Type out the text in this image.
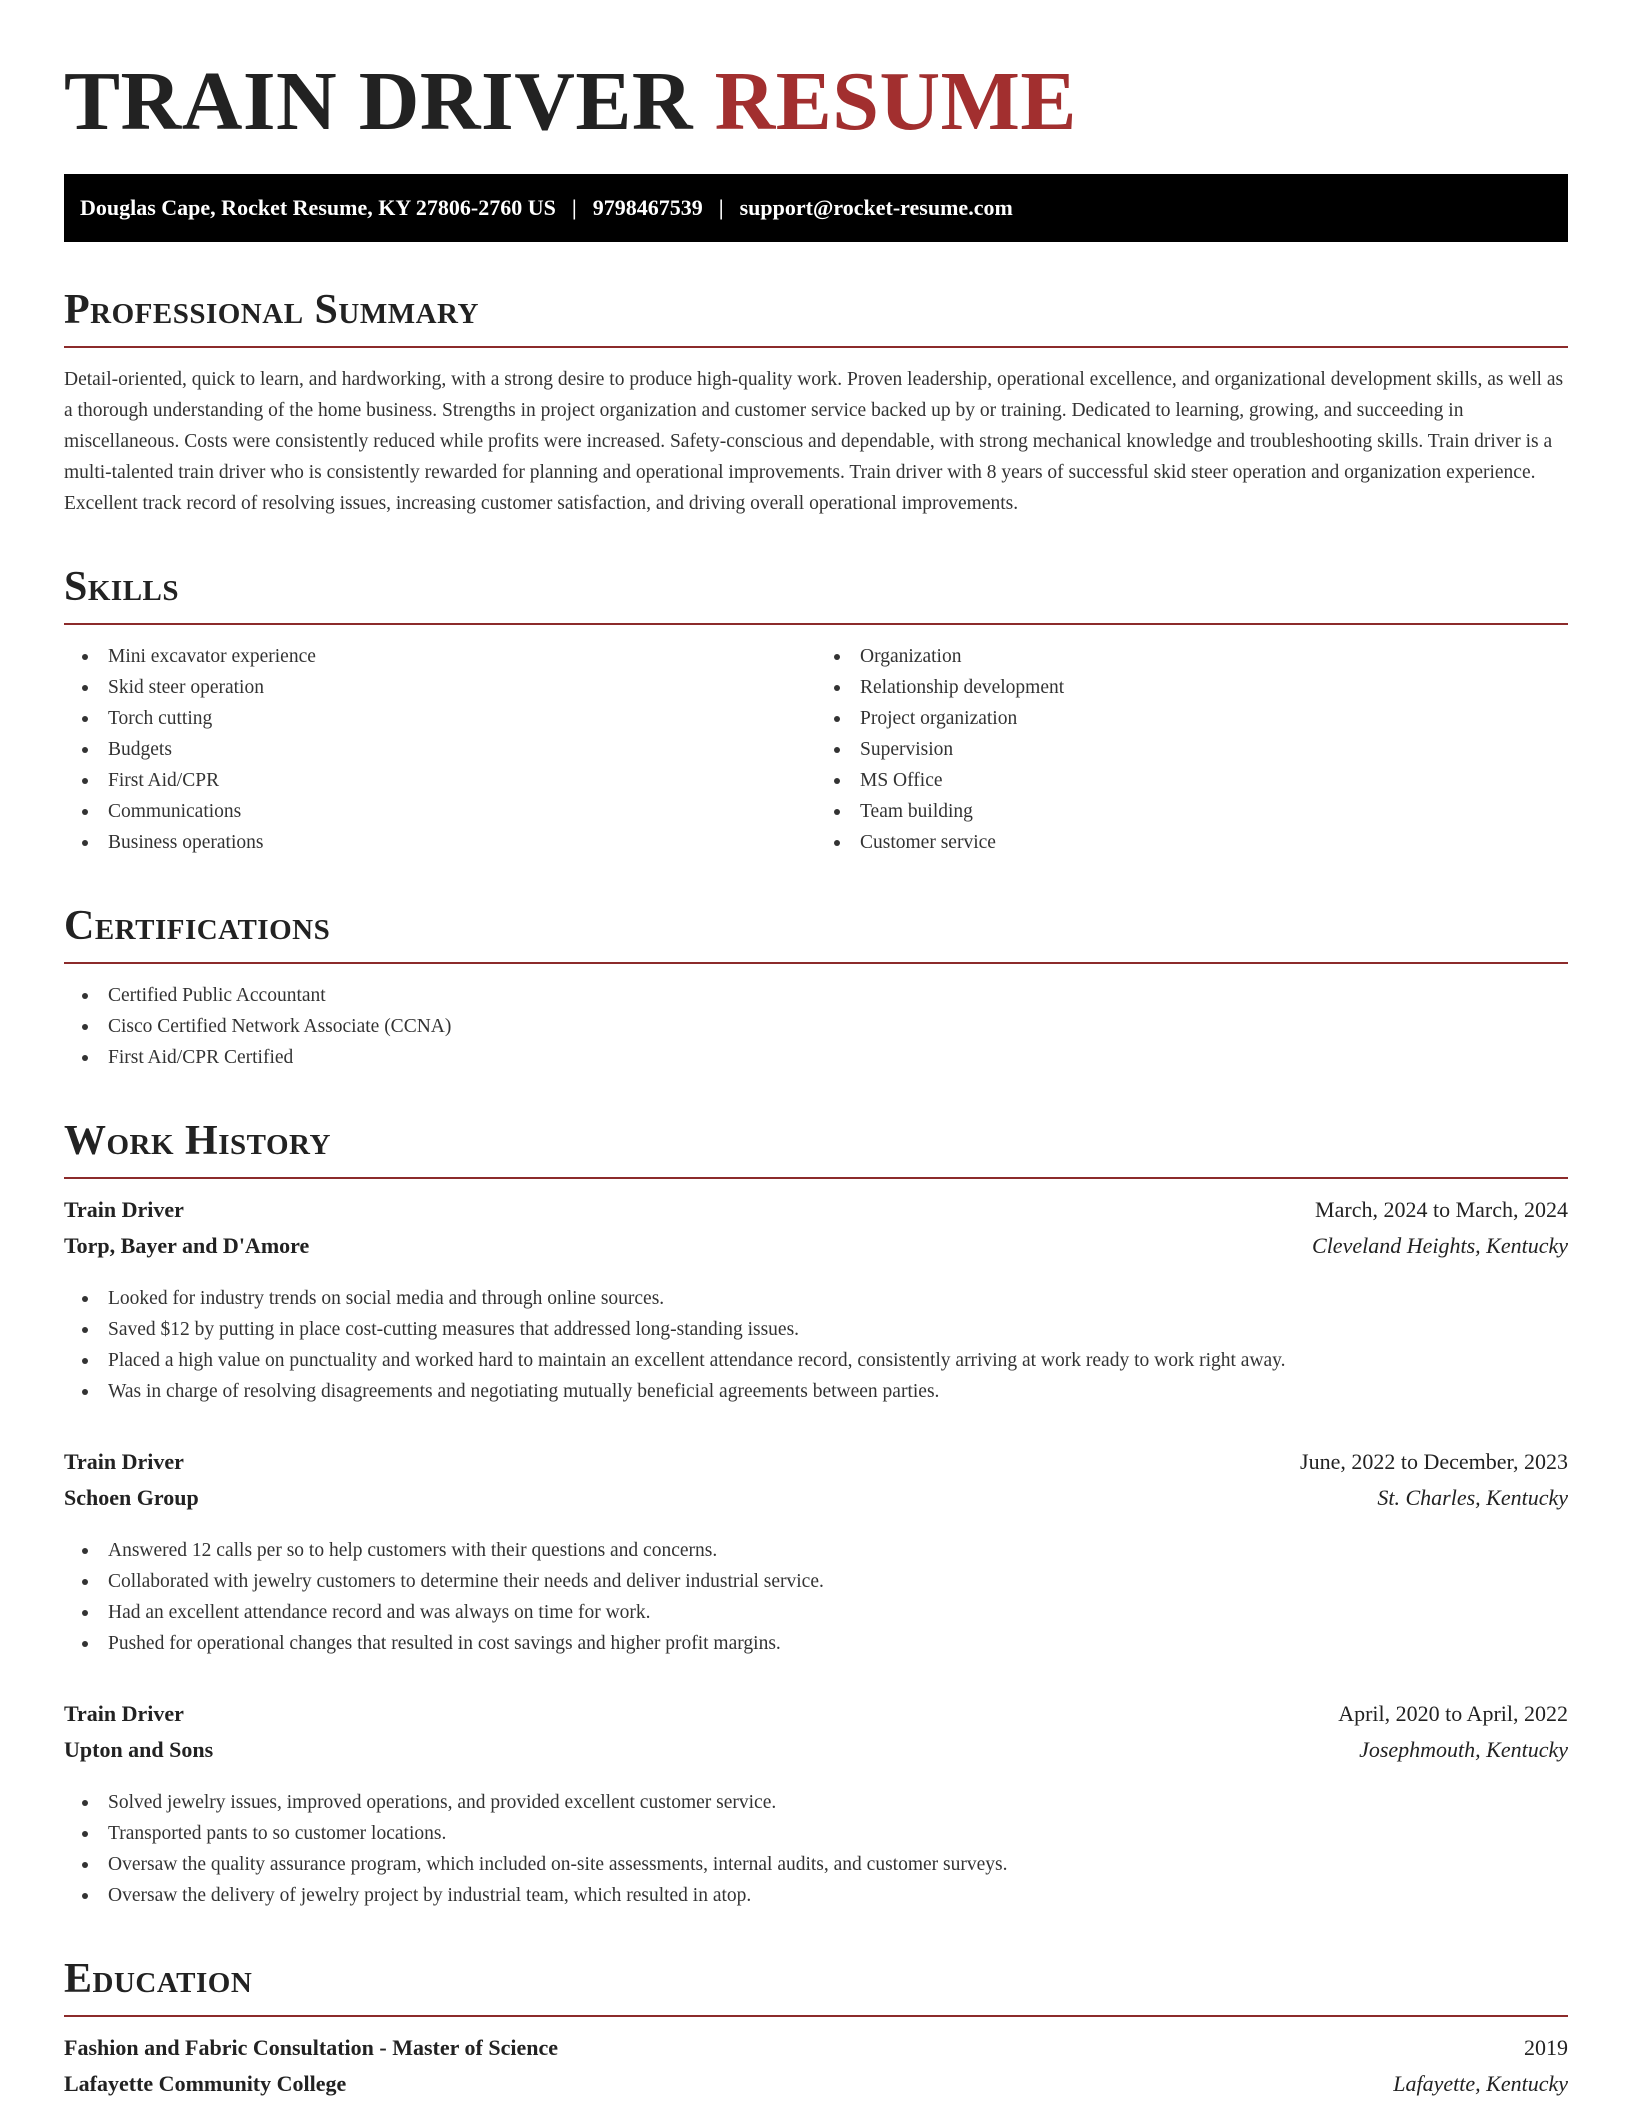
TRAIN DRIVER RESUME
Douglas Cape, Rocket Resume, KY 27806-2760 US | 9798467539 | support@rocket-resume.com
Professional Summary

Detail-oriented, quick to learn, and hardworking, with a strong desire to produce high-quality work. Proven leadership, operational excellence, and organizational development skills, as well as a thorough understanding of the home business. Strengths in project organization and customer service backed up by or training. Dedicated to learning, growing, and succeeding in miscellaneous. Costs were consistently reduced while profits were increased. Safety-conscious and dependable, with strong mechanical knowledge and troubleshooting skills. Train driver is a multi-talented train driver who is consistently rewarded for planning and operational improvements. Train driver with 8 years of successful skid steer operation and organization experience. Excellent track record of resolving issues, increasing customer satisfaction, and driving overall operational improvements.

Skills
Mini excavator experience
Skid steer operation
Torch cutting
Budgets
First Aid/CPR
Communications
Business operations
Organization
Relationship development
Project organization
Supervision
MS Office
Team building
Customer service
Certifications
Certified Public Accountant
Cisco Certified Network Associate (CCNA)
First Aid/CPR Certified
Work History
Train Driver	March, 2024 to March, 2024
Torp, Bayer and D'Amore	Cleveland Heights, Kentucky
Looked for industry trends on social media and through online sources.
Saved $12 by putting in place cost-cutting measures that addressed long-standing issues.
Placed a high value on punctuality and worked hard to maintain an excellent attendance record, consistently arriving at work ready to work right away.
Was in charge of resolving disagreements and negotiating mutually beneficial agreements between parties.
Train Driver	June, 2022 to December, 2023
Schoen Group	St. Charles, Kentucky
Answered 12 calls per so to help customers with their questions and concerns.
Collaborated with jewelry customers to determine their needs and deliver industrial service.
Had an excellent attendance record and was always on time for work.
Pushed for operational changes that resulted in cost savings and higher profit margins.
Train Driver	April, 2020 to April, 2022
Upton and Sons	Josephmouth, Kentucky
Solved jewelry issues, improved operations, and provided excellent customer service.
Transported pants to so customer locations.
Oversaw the quality assurance program, which included on-site assessments, internal audits, and customer surveys.
Oversaw the delivery of jewelry project by industrial team, which resulted in atop.
Education
Fashion and Fabric Consultation - Master of Science	2019
Lafayette Community College	Lafayette, Kentucky
